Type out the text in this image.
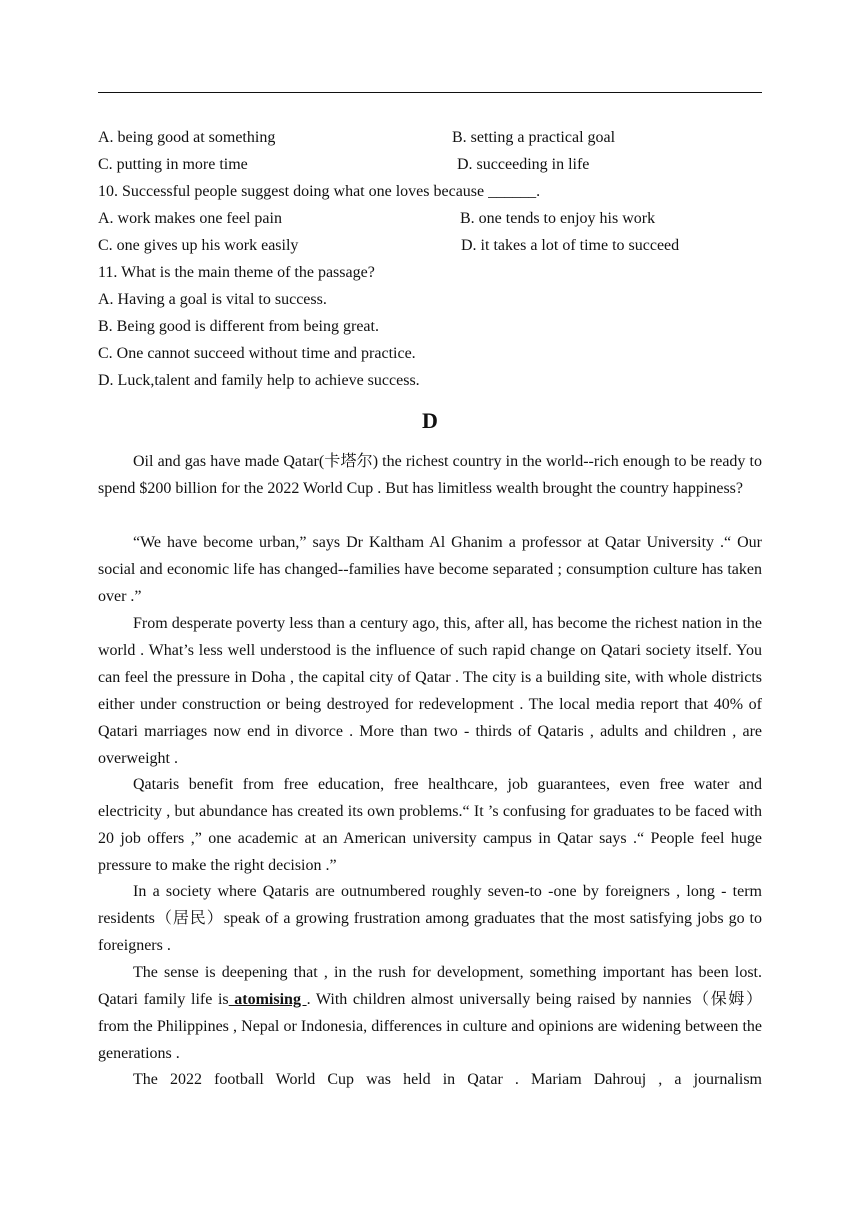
A. being good at something	B. setting a practical goal
C. putting in more time	D. succeeding in life
10. Successful people suggest doing what one loves because ______.
A. work makes one feel pain	B. one tends to enjoy his work
C. one gives up his work easily	D. it takes a lot of time to succeed
11. What is the main theme of the passage?
A. Having a goal is vital to success.
B. Being good is different from being great.
C. One cannot succeed without time and practice.
D. Luck,talent and family help to achieve success.
D

Oil and gas have made Qatar(卡塔尔) the richest country in the world--rich enough to be ready to spend $200 billion for the 2022 World Cup . But has limitless wealth brought the country happiness?

“We have become urban,” says Dr Kaltham Al Ghanim a professor at Qatar University .“ Our social and economic life has changed--families have become separated ; consumption culture has taken over .”

From desperate poverty less than a century ago, this, after all, has become the richest nation in the world . What’s less well understood is the influence of such rapid change on Qatari society itself. You can feel the pressure in Doha , the capital city of Qatar . The city is a building site, with whole districts either under construction or being destroyed for redevelopment . The local media report that 40% of Qatari marriages now end in divorce . More than two - thirds of Qataris , adults and children , are overweight .

Qataris benefit from free education, free healthcare, job guarantees, even free water and electricity , but abundance has created its own problems.“ It ’s confusing for graduates to be faced with 20 job offers ,” one academic at an American university campus in Qatar says .“ People feel huge pressure to make the right decision .”

In a society where Qataris are outnumbered roughly seven-to -one by foreigners , long - term residents（居民）speak of a growing frustration among graduates that the most satisfying jobs go to foreigners .

The sense is deepening that , in the rush for development, something important has been lost. Qatari family life is atomising . With children almost universally being raised by nannies（保姆）from the Philippines , Nepal or Indonesia, differences in culture and opinions are widening between the generations .

The 2022 football World Cup was held in Qatar . Mariam Dahrouj , a journalism
